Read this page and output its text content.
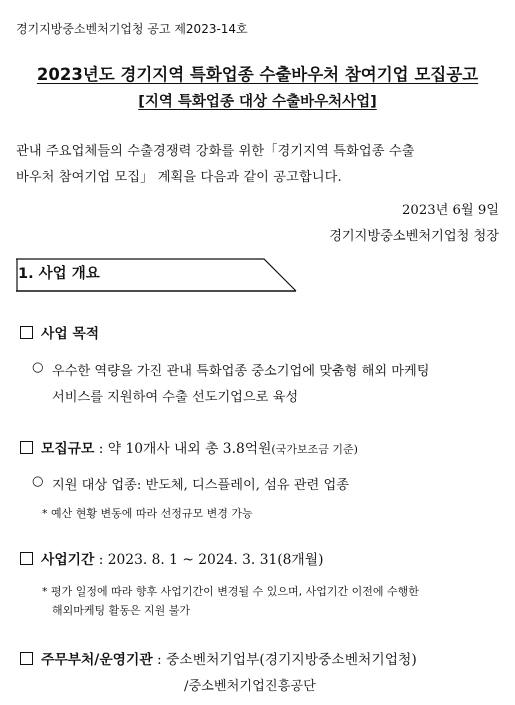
경기지방중소벤처기업청 공고 제2023-14호
2023년도 경기지역 특화업종 수출바우처 참여기업 모집공고
[지역 특화업종 대상 수출바우처사업]
관내 주요업체들의 수출경쟁력 강화를 위한「경기지역 특화업종 수출
바우처 참여기업 모집」 계획을 다음과 같이 공고합니다.
2023년 6월 9일
경기지방중소벤처기업청 청장
1. 사업 개요
사업 목적
○ 우수한 역량을 가진 관내 특화업종 중소기업에 맞춤형 해외 마케팅
서비스를 지원하여 수출 선도기업으로 육성
모집규모 : 약 10개사 내외 총 3.8억원(국가보조금 기준)
○ 지원 대상 업종: 반도체, 디스플레이, 섬유 관련 업종
* 예산 현황 변동에 따라 선정규모 변경 가능
사업기간 : 2023. 8. 1 ~ 2024. 3. 31(8개월)
* 평가 일정에 따라 향후 사업기간이 변경될 수 있으며, 사업기간 이전에 수행한
해외마케팅 활동은 지원 불가
주무부처/운영기관 : 중소벤처기업부(경기지방중소벤처기업청)
/중소벤처기업진흥공단
